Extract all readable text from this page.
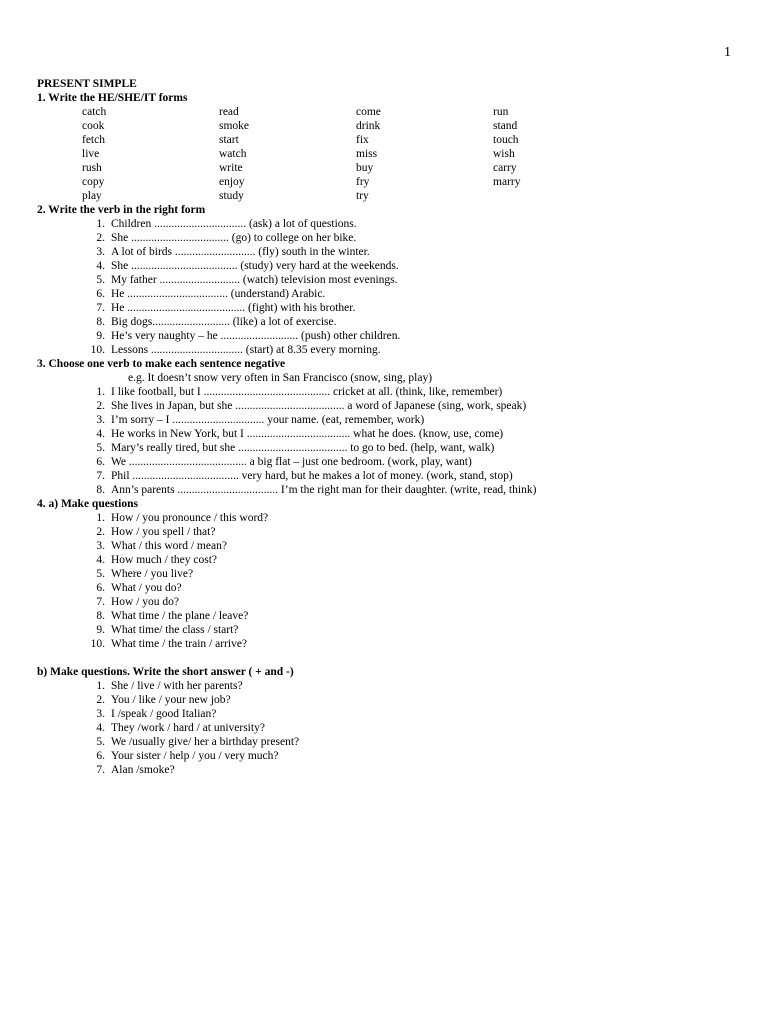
1
PRESENT SIMPLE
1. Write the HE/SHE/IT forms
catch	read	come	run
cook	smoke	drink	stand
fetch	start	fix	touch
live	watch	miss	wish
rush	write	buy	carry
copy	enjoy	fry	marry
play	study	try
2. Write the verb in the right form
1. Children ................................ (ask) a lot of questions.
2. She .................................. (go) to college on her bike.
3. A lot of birds ............................ (fly) south in the winter.
4. She ..................................... (study) very hard at the weekends.
5. My father ............................ (watch) television most evenings.
6. He ................................... (understand) Arabic.
7. He ......................................... (fight) with his brother.
8. Big dogs........................... (like) a lot of exercise.
9. He’s very naughty – he ........................... (push) other children.
10. Lessons ................................ (start) at 8.35 every morning.
3. Choose one verb to make each sentence negative
e.g. It doesn’t snow very often in San Francisco (snow, sing, play)
1. I like football, but I ............................................ cricket at all. (think, like, remember)
2. She lives in Japan, but she ...................................... a word of Japanese (sing, work, speak)
3. I’m sorry – I ................................ your name. (eat, remember, work)
4. He works in New York, but I .................................... what he does. (know, use, come)
5. Mary’s really tired, but she ...................................... to go to bed. (help, want, walk)
6. We ......................................... a big flat – just one bedroom. (work, play, want)
7. Phil ..................................... very hard, but he makes a lot of money. (work, stand, stop)
8. Ann’s parents ................................... I’m the right man for their daughter. (write, read, think)
4. a) Make questions
1. How / you pronounce / this word?
2. How / you spell / that?
3. What / this word / mean?
4. How much / they cost?
5. Where / you live?
6. What / you do?
7. How / you do?
8. What time / the plane / leave?
9. What time/ the class / start?
10. What time / the train / arrive?
b) Make questions. Write the short answer ( + and -)
1. She / live / with her parents?
2. You / like / your new job?
3. I /speak / good Italian?
4. They /work / hard / at university?
5. We /usually give/ her a birthday present?
6. Your sister / help / you / very much?
7. Alan /smoke?
